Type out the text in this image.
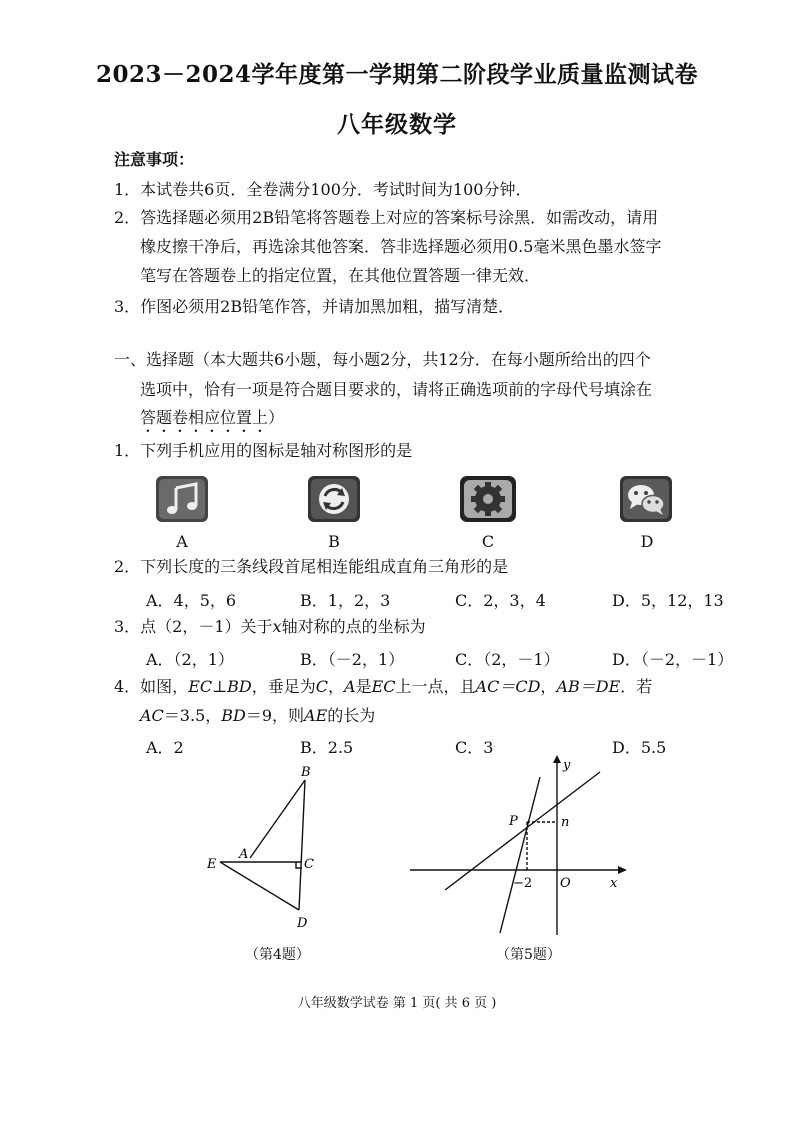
2023－2024学年度第一学期第二阶段学业质量监测试卷
八年级数学
注意事项：
1．本试卷共6页．全卷满分100分．考试时间为100分钟．
2．答选择题必须用2B铅笔将答题卷上对应的答案标号涂黑．如需改动，请用
橡皮擦干净后，再选涂其他答案．答非选择题必须用0.5毫米黑色墨水签字
笔写在答题卷上的指定位置，在其他位置答题一律无效．
3．作图必须用2B铅笔作答，并请加黑加粗，描写清楚．
一、选择题（本大题共6小题，每小题2分，共12分．在每小题所给出的四个
选项中，恰有一项是符合题目要求的，请将正确选项前的字母代号填涂在
答题卷相应位置上）
1．下列手机应用的图标是轴对称图形的是
A	B	C	D
2．下列长度的三条线段首尾相连能组成直角三角形的是
A．4，5，6	B．1，2，3	C．2，3，4	D．5，12，13
3．点（2，－1）关于x轴对称的点的坐标为
A．（2，1）	B．（－2，1）	C．（2，－1）	D．（－2，－1）
4．如图，EC⊥BD，垂足为C，A是EC上一点，且AC＝CD，AB＝DE．若
AC＝3.5，BD＝9，则AE的长为
A．2	B．2.5	C．3	D．5.5
B
A
E	C
D
（第4题）
y
x
P	n
O
−2
（第5题）
八年级数学试卷 第 1 页( 共 6 页 )
